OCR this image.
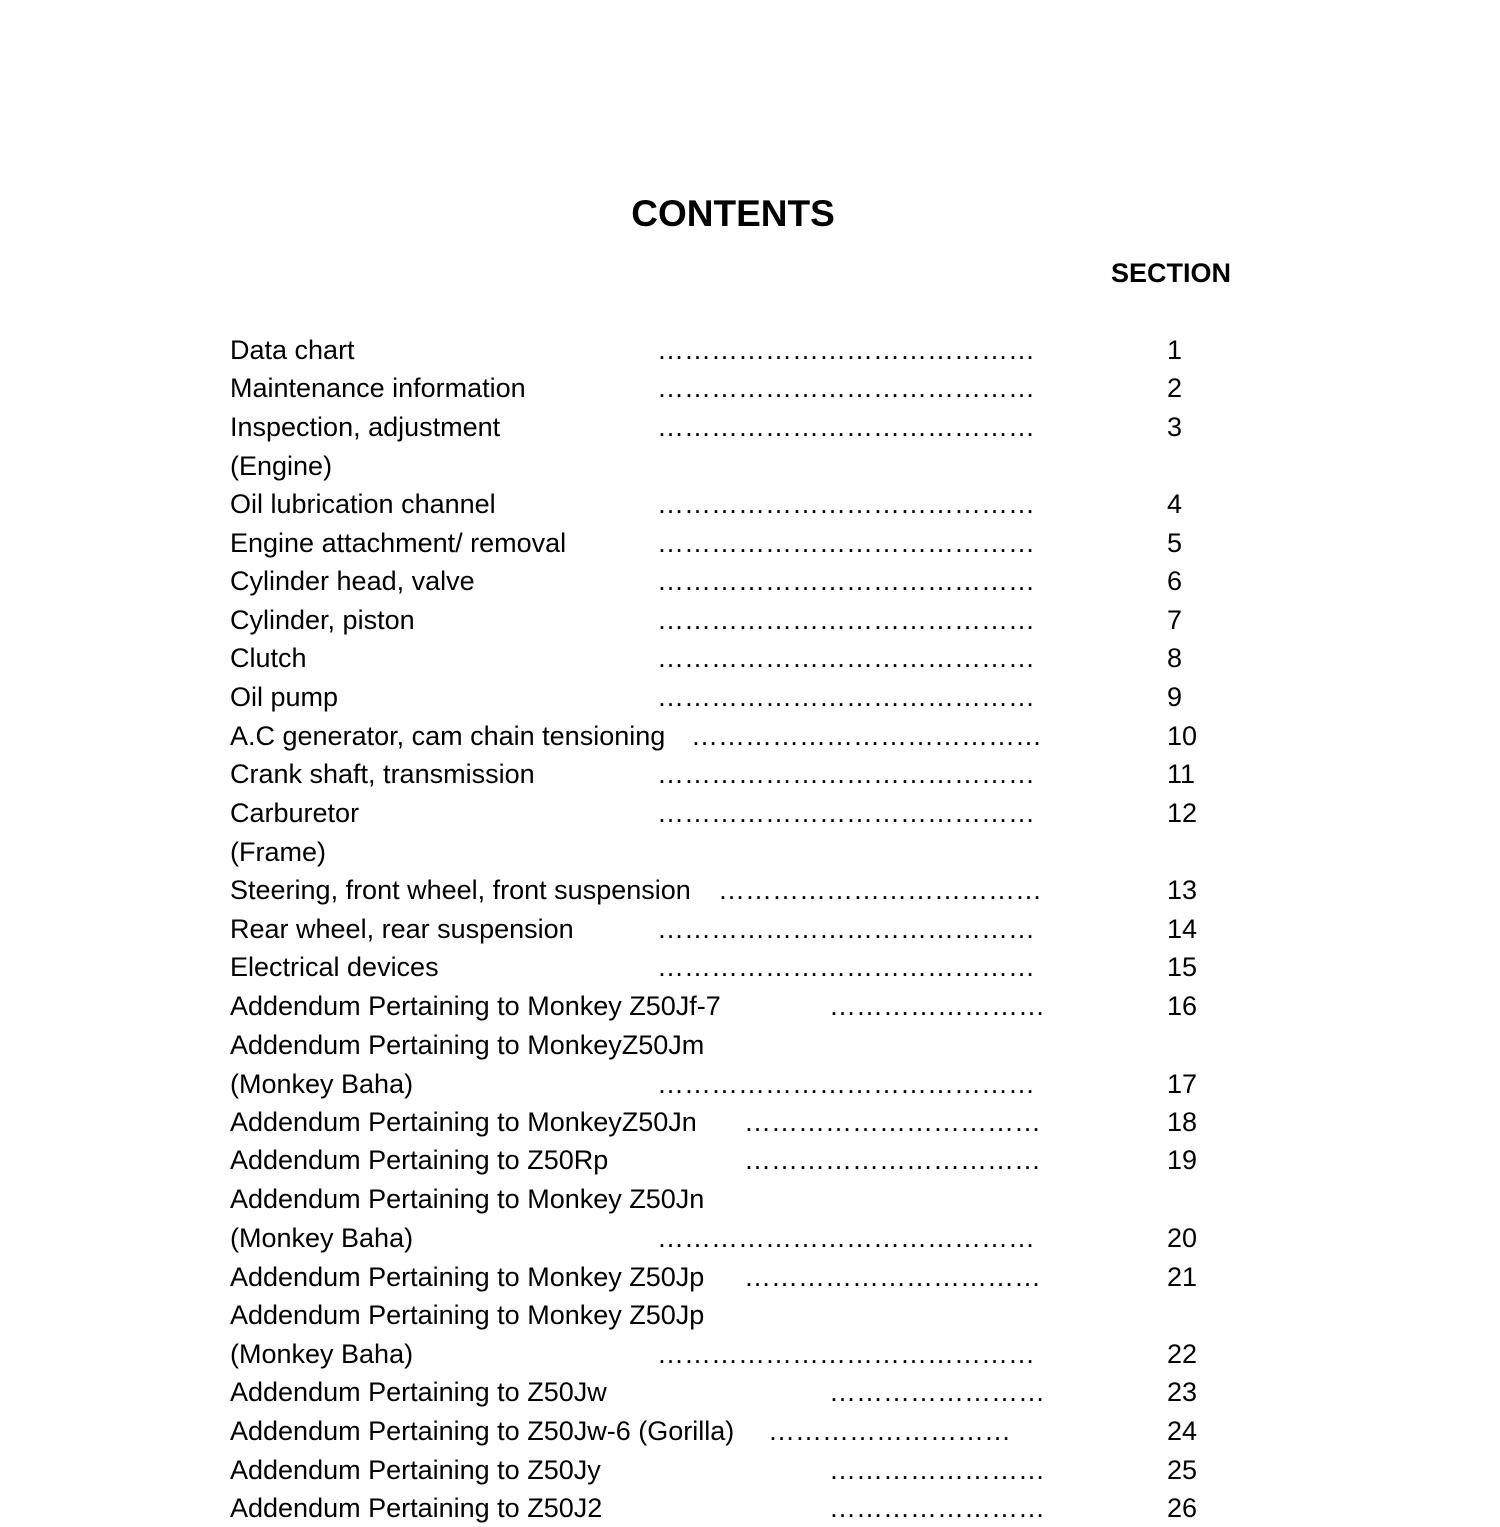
CONTENTS
SECTION
Data chart	……………………………………	1
Maintenance information	……………………………………	2
Inspection, adjustment	……………………………………	3
(Engine)
Oil lubrication channel	……………………………………	4
Engine attachment/ removal	……………………………………	5
Cylinder head, valve	……………………………………	6
Cylinder, piston	……………………………………	7
Clutch	……………………………………	8
Oil pump	……………………………………	9
A.C generator, cam chain tensioning …………………………………	10
Crank shaft, transmission	……………………………………	11
Carburetor	……………………………………	12
(Frame)
Steering, front wheel, front suspension ………………………………	13
Rear wheel, rear suspension	……………………………………	14
Electrical devices	……………………………………	15
Addendum Pertaining to Monkey Z50Jf-7	……………………	16
Addendum Pertaining to MonkeyZ50Jm
(Monkey Baha)	……………………………………	17
Addendum Pertaining to MonkeyZ50Jn ……………………………	18
Addendum Pertaining to Z50Rp	……………………………	19
Addendum Pertaining to Monkey Z50Jn
(Monkey Baha)	……………………………………	20
Addendum Pertaining to Monkey Z50Jp ……………………………	21
Addendum Pertaining to Monkey Z50Jp
(Monkey Baha)	……………………………………	22
Addendum Pertaining to Z50Jw	……………………	23
Addendum Pertaining to Z50Jw-6 (Gorilla) ………………………	24
Addendum Pertaining to Z50Jy	……………………	25
Addendum Pertaining to Z50J2	……………………	26
